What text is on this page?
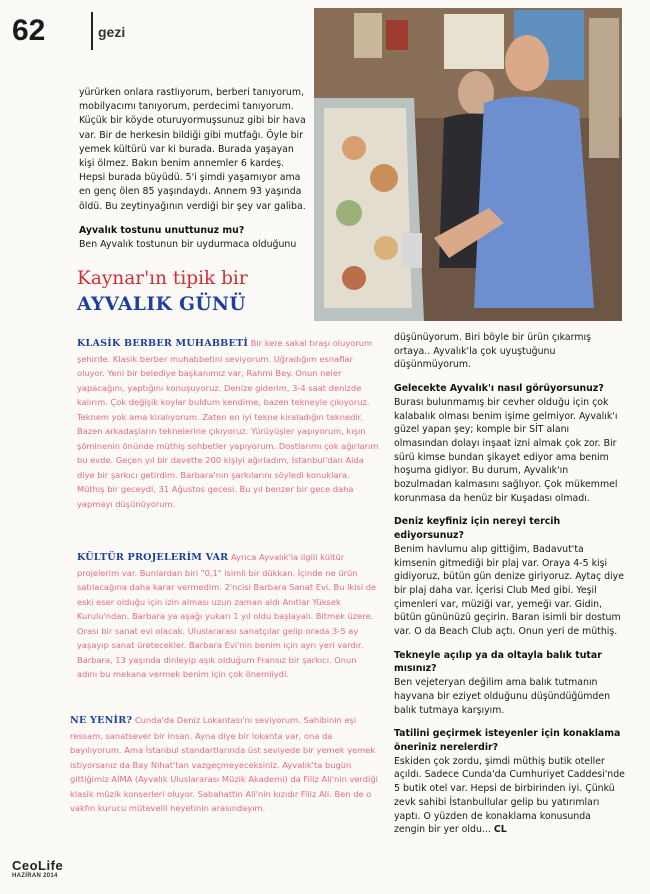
62	gezi

yürürken onlara rastlıyorum, berberi tanıyorum, mobilyacımı tanıyorum, perdecimi tanıyorum. Küçük bir köyde oturuyormuşsunuz gibi bir hava var. Bir de herkesin bildiği gibi mutfağı. Öyle bir yemek kültürü var ki burada. Burada yaşayan kişi ölmez. Bakın benim annemler 6 kardeş. Hepsi burada büyüdü. 5'i şimdi yaşamıyor ama en genç ölen 85 yaşındaydı. Annem 93 yaşında öldü. Bu zeytinyağının verdiği bir şey var galiba.

Ayvalık tostunu unuttunuz mu?
Ben Ayvalık tostunun bir uydurmaca olduğunu
Kaynar'ın tipik bir
AYVALIK GÜNÜ
KLASİK BERBER MUHABBETİ Bir kere sakal tıraşı oluyorum şehirde. Klasik berber muhabbetini seviyorum. Uğradığım esnaflar oluyor. Yeni bir belediye başkanımız var, Rahmi Bey. Onun neler yapacağını, yaptığını konuşuyoruz. Denize giderim, 3-4 saat denizde kalırım. Çok değişik koylar buldum kendime, bazen tekneyle çıkıyoruz. Teknem yok ama kiralıyorum. Zaten en iyi tekne kiraladığın teknedir. Bazen arkadaşların teknelerine çıkıyoruz. Yürüyüşler yapıyorum, kışın şöminenin önünde müthiş sohbetler yapıyorum. Dostlarımı çok ağırlarım bu evde. Geçen yıl bir davette 200 kişiyi ağırladım, İstanbul'dan Aida diye bir şarkıcı getirdim. Barbara'nın şarkılarını söyledi konuklara. Müthiş bir geceydi, 31 Ağustos gecesi. Bu yıl benzer bir gece daha yapmayı düşünüyorum.
KÜLTÜR PROJELERİM VAR Ayrıca Ayvalık'la ilgili kültür projelerim var. Bunlardan biri "0,1" isimli bir dükkan. İçinde ne ürün satılacağına daha karar vermedim. 2'ncisi Barbara Sanat Evi. Bu ikisi de eski eser olduğu için izin alması uzun zaman aldı Anıtlar Yüksek Kurulu'ndan. Barbara ya aşağı yukarı 1 yıl oldu başlayalı. Bitmek üzere. Orası bir sanat evi olacak. Uluslararası sanatçılar gelip orada 3-5 ay yaşayıp sanat üretecekler. Barbara Evi'nin benim için ayrı yeri vardır. Barbara, 13 yaşında dinleyip aşık olduğum Fransız bir şarkıcı. Onun adını bu mekana vermek benim için çok önemliydi.
NE YENİR? Cunda'da Deniz Lokantası'nı seviyorum. Sahibinin eşi ressam, sanatsever bir insan. Ayna diye bir lokanta var, ona da bayılıyorum. Ama İstanbul standartlarında üst seviyede bir yemek yemek istiyorsanız da Bay Nihat'tan vazgeçmeyeceksiniz. Ayvalık'ta bugün gittiğimiz AİMA (Ayvalık Uluslararası Müzik Akademi) da Filiz Ali'nin verdiği klasik müzik konserleri oluyor. Sabahattin Ali'nin kızıdır Filiz Ali. Ben de o vakfın kurucu mütevelli heyetinin arasındayım.

düşünüyorum. Biri böyle bir ürün çıkarmış ortaya.. Ayvalık'la çok uyuştuğunu düşünmüyorum.

Gelecekte Ayvalık'ı nasıl görüyorsunuz?

Burası bulunmamış bir cevher olduğu için çok kalabalık olması benim işime gelmiyor. Ayvalık'ı güzel yapan şey; komple bir SİT alanı olmasından dolayı inşaat izni almak çok zor. Bir sürü kimse bundan şikayet ediyor ama benim hoşuma gidiyor. Bu durum, Ayvalık'ın bozulmadan kalmasını sağlıyor. Çok mükemmel korunmasa da henüz bir Kuşadası olmadı.

Deniz keyfiniz için nereyi tercih ediyorsunuz?

Benim havlumu alıp gittiğim, Badavut'ta kimsenin gitmediği bir plaj var. Oraya 4-5 kişi gidiyoruz, bütün gün denize giriyoruz. Aytaç diye bir plaj daha var. İçerisi Club Med gibi. Yeşil çimenleri var, müziği var, yemeği var. Gidin, bütün gününüzü geçirin. Baran isimli bir dostum var. O da Beach Club açtı. Onun yeri de müthiş.

Tekneyle açılıp ya da oltayla balık tutar mısınız?

Ben vejeteryan değilim ama balık tutmanın hayvana bir eziyet olduğunu düşündüğümden balık tutmaya karşıyım.

Tatilini geçirmek isteyenler için konaklama öneriniz nerelerdir?

Eskiden çok zordu, şimdi müthiş butik oteller açıldı. Sadece Cunda'da Cumhuriyet Caddesi'nde 5 butik otel var. Hepsi de birbirinden iyi. Çünkü zevk sahibi İstanbullular gelip bu yatırımları yaptı. O yüzden de konaklama konusunda zengin bir yer oldu... CL

CeoLife
HAZİRAN 2014
